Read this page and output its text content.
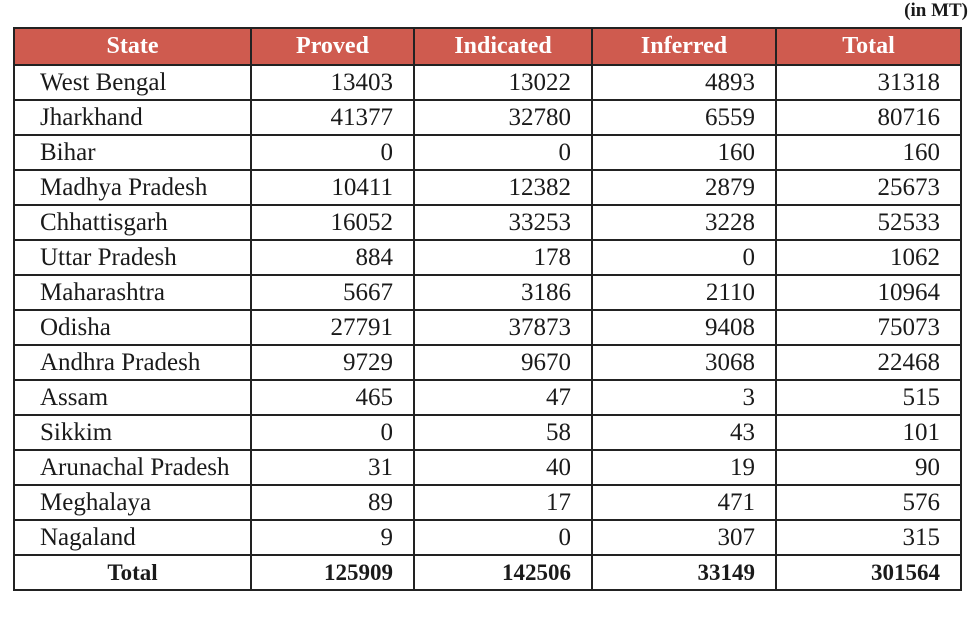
(in MT)
State	Proved	Indicated	Inferred	Total
West Bengal	13403	13022	4893	31318
Jharkhand	41377	32780	6559	80716
Bihar	0	0	160	160
Madhya Pradesh	10411	12382	2879	25673
Chhattisgarh	16052	33253	3228	52533
Uttar Pradesh	884	178	0	1062
Maharashtra	5667	3186	2110	10964
Odisha	27791	37873	9408	75073
Andhra Pradesh	9729	9670	3068	22468
Assam	465	47	3	515
Sikkim	0	58	43	101
Arunachal Pradesh	31	40	19	90
Meghalaya	89	17	471	576
Nagaland	9	0	307	315
Total	125909	142506	33149	301564
